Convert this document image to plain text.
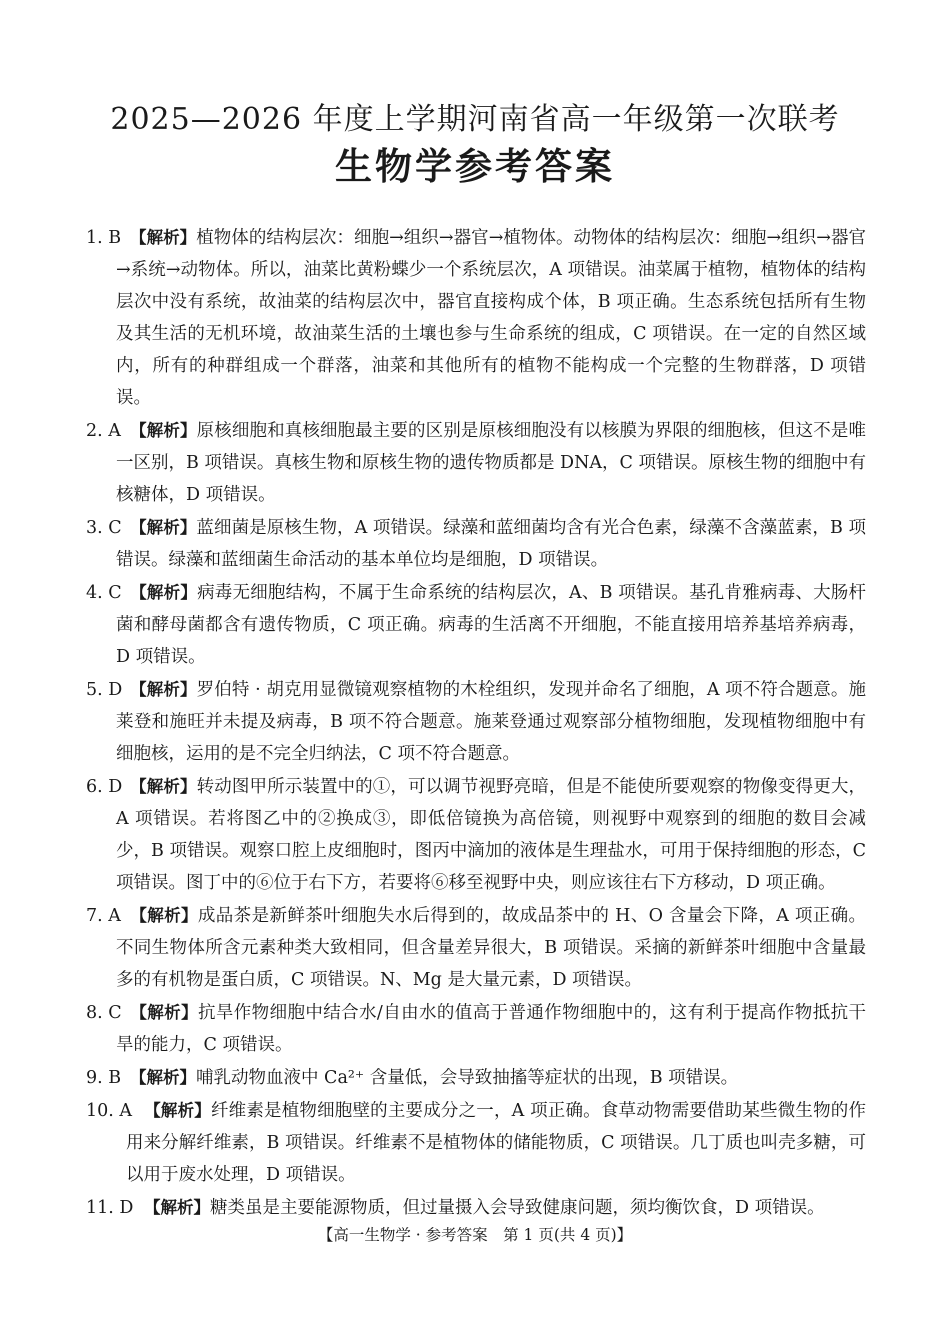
2025—2026 年度上学期河南省高一年级第一次联考
生物学参考答案
1. B 【解析】植物体的结构层次：细胞→组织→器官→植物体。动物体的结构层次：细胞→组织→器官→系统→动物体。所以，油菜比黄粉蝶少一个系统层次，A 项错误。油菜属于植物，植物体的结构层次中没有系统，故油菜的结构层次中，器官直接构成个体，B 项正确。生态系统包括所有生物及其生活的无机环境，故油菜生活的土壤也参与生命系统的组成，C 项错误。在一定的自然区域内，所有的种群组成一个群落，油菜和其他所有的植物不能构成一个完整的生物群落，D 项错误。
2. A 【解析】原核细胞和真核细胞最主要的区别是原核细胞没有以核膜为界限的细胞核，但这不是唯一区别，B 项错误。真核生物和原核生物的遗传物质都是 DNA，C 项错误。原核生物的细胞中有核糖体，D 项错误。
3. C 【解析】蓝细菌是原核生物，A 项错误。绿藻和蓝细菌均含有光合色素，绿藻不含藻蓝素，B 项错误。绿藻和蓝细菌生命活动的基本单位均是细胞，D 项错误。
4. C 【解析】病毒无细胞结构，不属于生命系统的结构层次，A、B 项错误。基孔肯雅病毒、大肠杆菌和酵母菌都含有遗传物质，C 项正确。病毒的生活离不开细胞，不能直接用培养基培养病毒，D 项错误。
5. D 【解析】罗伯特 · 胡克用显微镜观察植物的木栓组织，发现并命名了细胞，A 项不符合题意。施莱登和施旺并未提及病毒，B 项不符合题意。施莱登通过观察部分植物细胞，发现植物细胞中有细胞核，运用的是不完全归纳法，C 项不符合题意。
6. D 【解析】转动图甲所示装置中的①，可以调节视野亮暗，但是不能使所要观察的物像变得更大，A 项错误。若将图乙中的②换成③，即低倍镜换为高倍镜，则视野中观察到的细胞的数目会减少，B 项错误。观察口腔上皮细胞时，图丙中滴加的液体是生理盐水，可用于保持细胞的形态，C 项错误。图丁中的⑥位于右下方，若要将⑥移至视野中央，则应该往右下方移动，D 项正确。
7. A 【解析】成品茶是新鲜茶叶细胞失水后得到的，故成品茶中的 H、O 含量会下降，A 项正确。不同生物体所含元素种类大致相同，但含量差异很大，B 项错误。采摘的新鲜茶叶细胞中含量最多的有机物是蛋白质，C 项错误。N、Mg 是大量元素，D 项错误。
8. C 【解析】抗旱作物细胞中结合水/自由水的值高于普通作物细胞中的，这有利于提高作物抵抗干旱的能力，C 项错误。
9. B 【解析】哺乳动物血液中 Ca²⁺ 含量低，会导致抽搐等症状的出现，B 项错误。
10. A 【解析】纤维素是植物细胞壁的主要成分之一，A 项正确。食草动物需要借助某些微生物的作用来分解纤维素，B 项错误。纤维素不是植物体的储能物质，C 项错误。几丁质也叫壳多糖，可以用于废水处理，D 项错误。
11. D 【解析】糖类虽是主要能源物质，但过量摄入会导致健康问题，须均衡饮食，D 项错误。
【高一生物学 · 参考答案　第 1 页(共 4 页)】
